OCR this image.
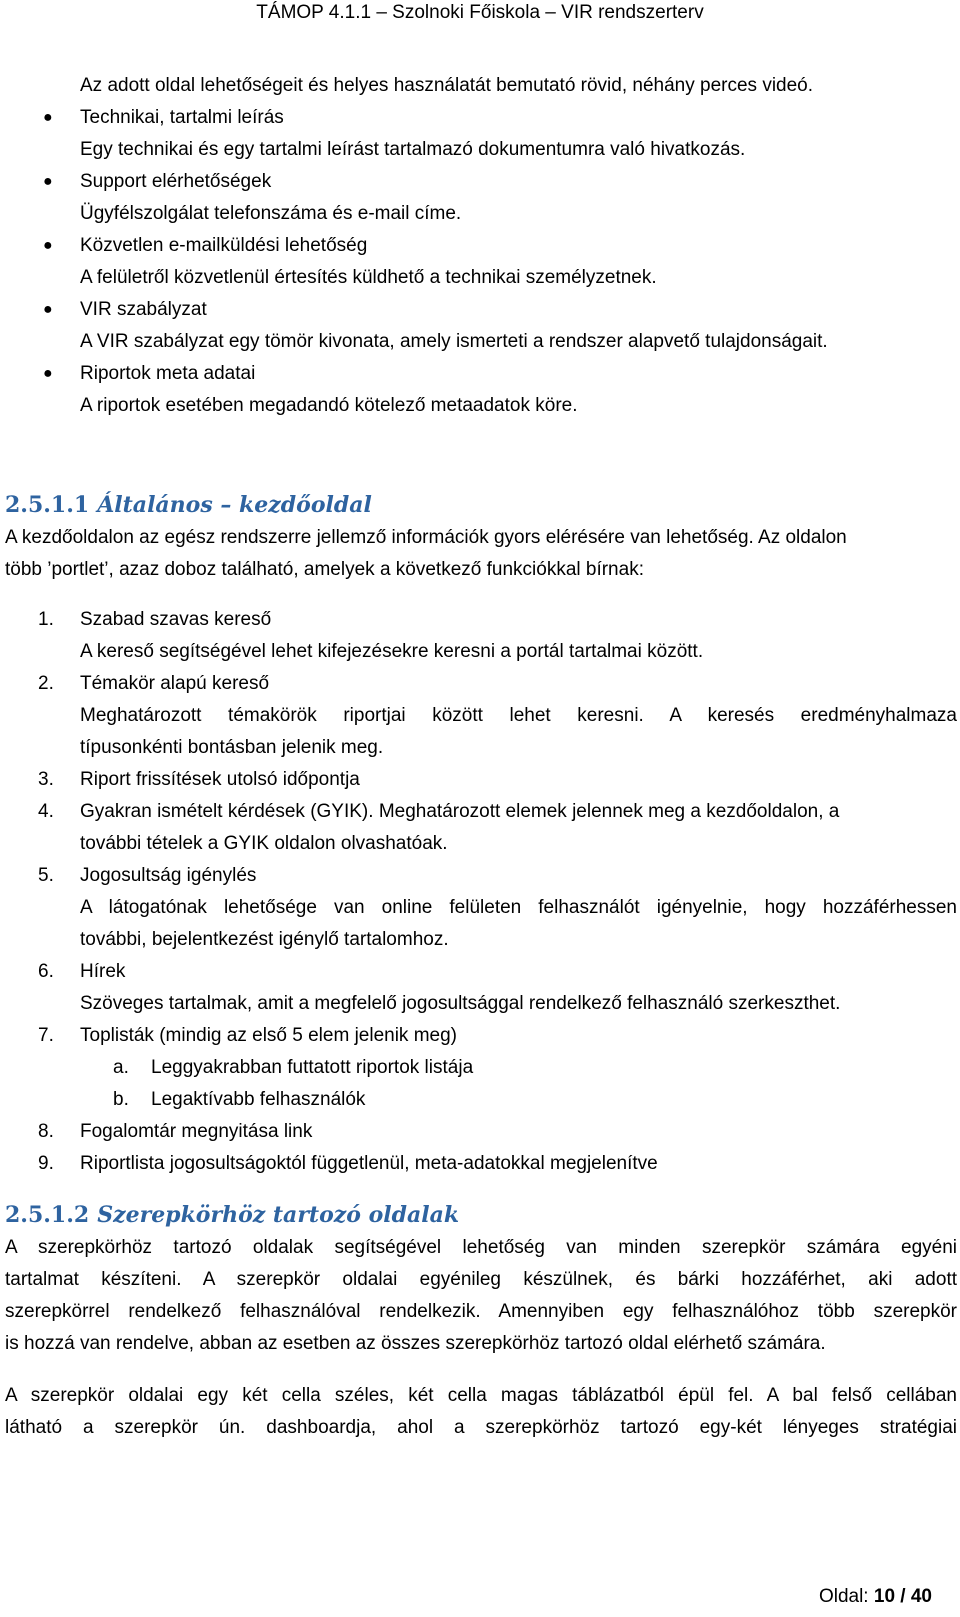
TÁMOP 4.1.1 – Szolnoki Főiskola – VIR rendszerterv

Az adott oldal lehetőségeit és helyes használatát bemutató rövid, néhány perces videó.

● Technikai, tartalmi leírás
Egy technikai és egy tartalmi leírást tartalmazó dokumentumra való hivatkozás.
● Support elérhetőségek
Ügyfélszolgálat telefonszáma és e-mail címe.
● Közvetlen e-mailküldési lehetőség
A felületről közvetlenül értesítés küldhető a technikai személyzetnek.
● VIR szabályzat
A VIR szabályzat egy tömör kivonata, amely ismerteti a rendszer alapvető tulajdonságait.
● Riportok meta adatai
A riportok esetében megadandó kötelező metaadatok köre.
2.5.1.1 Általános – kezdőoldal

A kezdőoldalon az egész rendszerre jellemző információk gyors elérésére van lehetőség. Az oldalon

több ’portlet’, azaz doboz található, amelyek a következő funkciókkal bírnak:

1. Szabad szavas kereső
A kereső segítségével lehet kifejezésekre keresni a portál tartalmai között.
2. Témakör alapú kereső
Meghatározott témakörök riportjai között lehet keresni. A keresés eredményhalmaza
típusonkénti bontásban jelenik meg.
3. Riport frissítések utolsó időpontja
4. Gyakran ismételt kérdések (GYIK). Meghatározott elemek jelennek meg a kezdőoldalon, a
további tételek a GYIK oldalon olvashatóak.
5. Jogosultság igénylés
A látogatónak lehetősége van online felületen felhasználót igényelnie, hogy hozzáférhessen
további, bejelentkezést igénylő tartalomhoz.
6. Hírek
Szöveges tartalmak, amit a megfelelő jogosultsággal rendelkező felhasználó szerkeszthet.
7. Toplisták (mindig az első 5 elem jelenik meg)
a. Leggyakrabban futtatott riportok listája
b. Legaktívabb felhasználók
8. Fogalomtár megnyitása link
9. Riportlista jogosultságoktól függetlenül, meta-adatokkal megjelenítve
2.5.1.2 Szerepkörhöz tartozó oldalak

A szerepkörhöz tartozó oldalak segítségével lehetőség van minden szerepkör számára egyéni

tartalmat készíteni. A szerepkör oldalai egyénileg készülnek, és bárki hozzáférhet, aki adott

szerepkörrel rendelkező felhasználóval rendelkezik. Amennyiben egy felhasználóhoz több szerepkör

is hozzá van rendelve, abban az esetben az összes szerepkörhöz tartozó oldal elérhető számára.

A szerepkör oldalai egy két cella széles, két cella magas táblázatból épül fel. A bal felső cellában

látható a szerepkör ún. dashboardja, ahol a szerepkörhöz tartozó egy-két lényeges stratégiai

Oldal: 10 / 40
